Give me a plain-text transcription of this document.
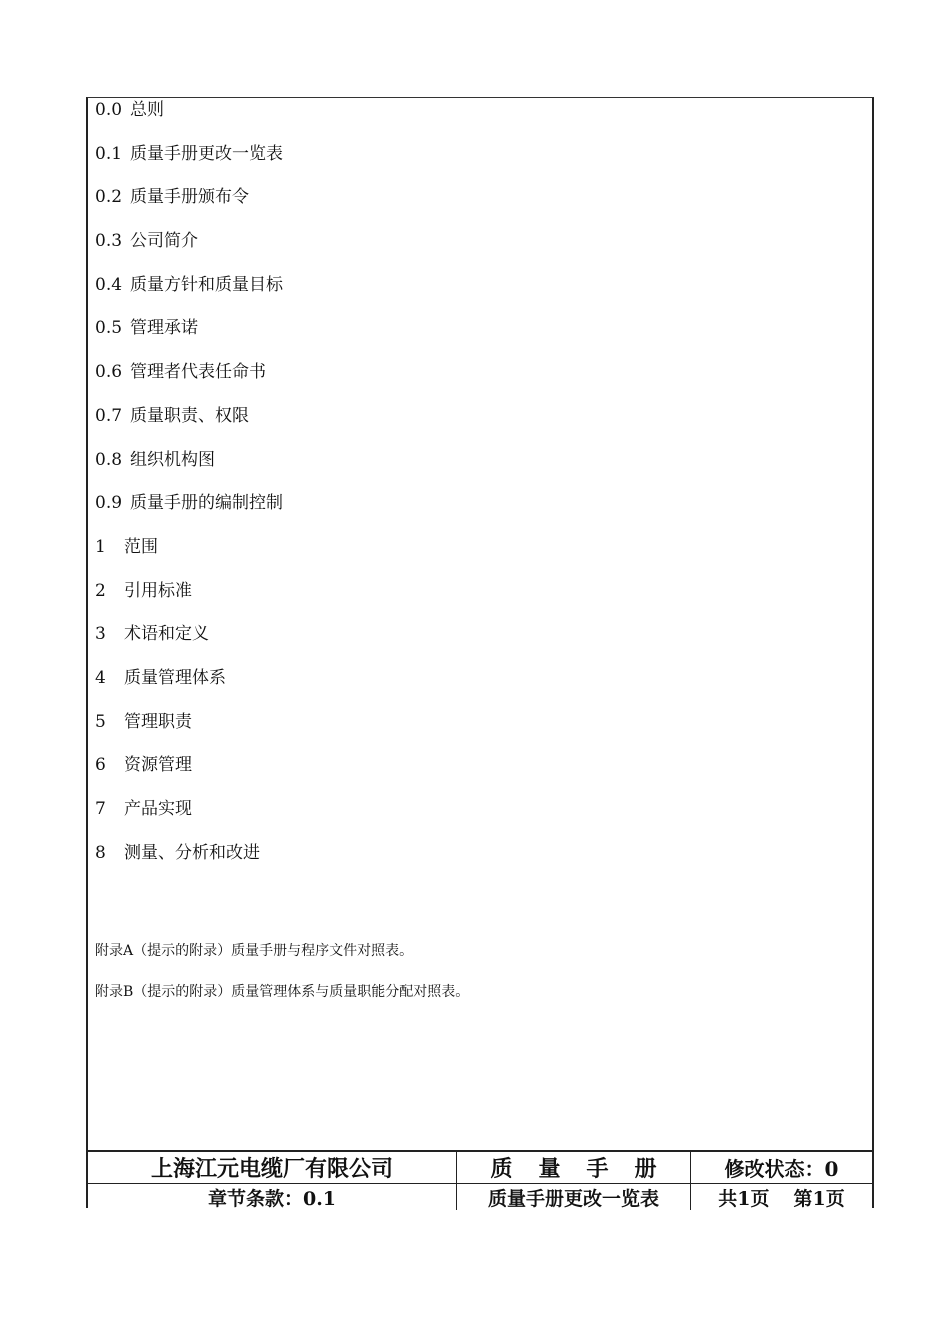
0.0 总则
0.1 质量手册更改一览表
0.2 质量手册颁布令
0.3 公司简介
0.4 质量方针和质量目标
0.5 管理承诺
0.6 管理者代表任命书
0.7 质量职责、权限
0.8 组织机构图
0.9 质量手册的编制控制
1	范围
2	引用标准
3	术语和定义
4	质量管理体系
5	管理职责
6	资源管理
7	产品实现
8	测量、分析和改进
附录A（提示的附录）质量手册与程序文件对照表。
附录B（提示的附录）质量管理体系与质量职能分配对照表。
上海江元电缆厂有限公司	质量手册	修改状态：0
章节条款：0.1	质量手册更改一览表	共1页 第1页
